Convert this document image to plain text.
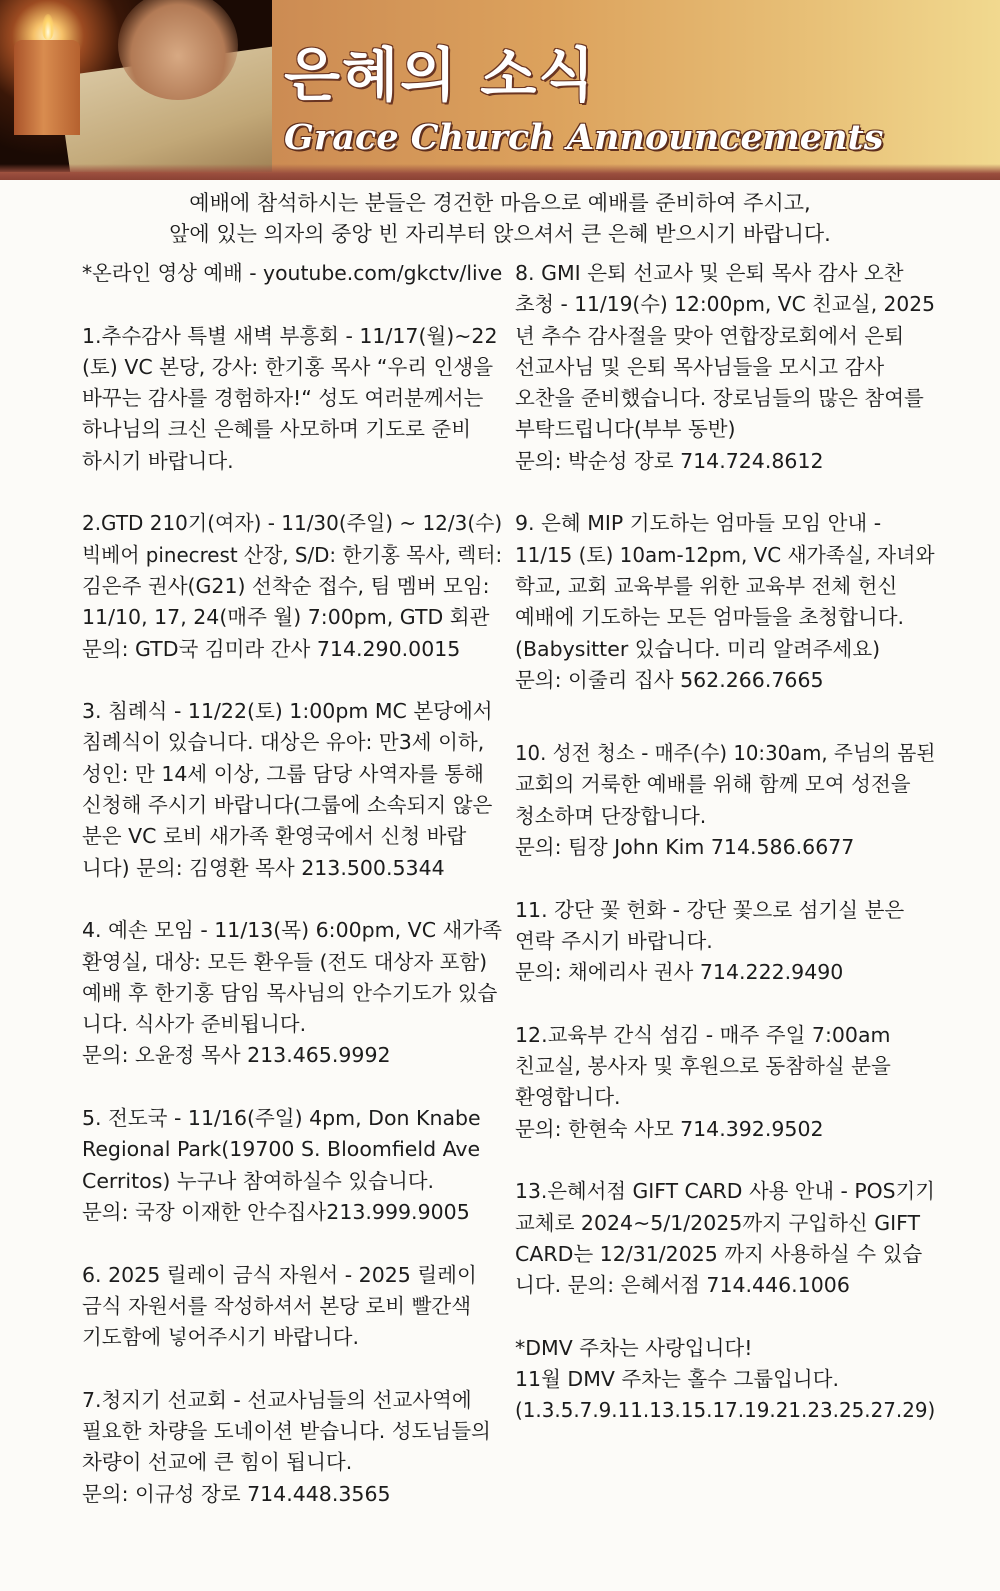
은혜의 소식
Grace Church Announcements
예배에 참석하시는 분들은 경건한 마음으로 예배를 준비하여 주시고,
앞에 있는 의자의 중앙 빈 자리부터 앉으셔서 큰 은혜 받으시기 바랍니다.
*온라인 영상 예배 - youtube.com/gkctv/live
1.추수감사 특별 새벽 부흥회 - 11/17(월)~22
(토) VC 본당, 강사: 한기홍 목사 “우리 인생을
바꾸는 감사를 경험하자!“ 성도 여러분께서는
하나님의 크신 은혜를 사모하며 기도로 준비
하시기 바랍니다.
2.GTD 210기(여자) - 11/30(주일) ~ 12/3(수)
빅베어 pinecrest 산장, S/D: 한기홍 목사, 렉터:
김은주 권사(G21) 선착순 접수, 팀 멤버 모임:
11/10, 17, 24(매주 월) 7:00pm, GTD 회관
문의: GTD국 김미라 간사 714.290.0015
3. 침례식 - 11/22(토) 1:00pm MC 본당에서
침례식이 있습니다. 대상은 유아: 만3세 이하,
성인: 만 14세 이상, 그룹 담당 사역자를 통해
신청해 주시기 바랍니다(그룹에 소속되지 않은
분은 VC 로비 새가족 환영국에서 신청 바랍
니다) 문의: 김영환 목사 213.500.5344
4. 예손 모임 - 11/13(목) 6:00pm, VC 새가족
환영실, 대상: 모든 환우들 (전도 대상자 포함)
예배 후 한기홍 담임 목사님의 안수기도가 있습
니다. 식사가 준비됩니다.
문의: 오윤정 목사 213.465.9992
5. 전도국 - 11/16(주일) 4pm, Don Knabe
Regional Park(19700 S. Bloomfield Ave
Cerritos) 누구나 참여하실수 있습니다.
문의: 국장 이재한 안수집사213.999.9005
6. 2025 릴레이 금식 자원서 - 2025 릴레이
금식 자원서를 작성하셔서 본당 로비 빨간색
기도함에 넣어주시기 바랍니다.
7.청지기 선교회 - 선교사님들의 선교사역에
필요한 차량을 도네이션 받습니다. 성도님들의
차량이 선교에 큰 힘이 됩니다.
문의: 이규성 장로 714.448.3565
8. GMI 은퇴 선교사 및 은퇴 목사 감사 오찬
초청 - 11/19(수) 12:00pm, VC 친교실, 2025
년 추수 감사절을 맞아 연합장로회에서 은퇴
선교사님 및 은퇴 목사님들을 모시고 감사
오찬을 준비했습니다. 장로님들의 많은 참여를
부탁드립니다(부부 동반)
문의: 박순성 장로 714.724.8612
9. 은혜 MIP 기도하는 엄마들 모임 안내 -
11/15 (토) 10am-12pm, VC 새가족실, 자녀와
학교, 교회 교육부를 위한 교육부 전체 헌신
예배에 기도하는 모든 엄마들을 초청합니다.
(Babysitter 있습니다. 미리 알려주세요)
문의: 이줄리 집사 562.266.7665
10. 성전 청소 - 매주(수) 10:30am, 주님의 몸된
교회의 거룩한 예배를 위해 함께 모여 성전을
청소하며 단장합니다.
문의: 팀장 John Kim 714.586.6677
11. 강단 꽃 헌화 - 강단 꽃으로 섬기실 분은
연락 주시기 바랍니다.
문의: 채에리사 권사 714.222.9490
12.교육부 간식 섬김 - 매주 주일 7:00am
친교실, 봉사자 및 후원으로 동참하실 분을
환영합니다.
문의: 한현숙 사모 714.392.9502
13.은혜서점 GIFT CARD 사용 안내 - POS기기
교체로 2024~5/1/2025까지 구입하신 GIFT
CARD는 12/31/2025 까지 사용하실 수 있습
니다. 문의: 은혜서점 714.446.1006
*DMV 주차는 사랑입니다!
11월 DMV 주차는 홀수 그룹입니다.
(1.3.5.7.9.11.13.15.17.19.21.23.25.27.29)
